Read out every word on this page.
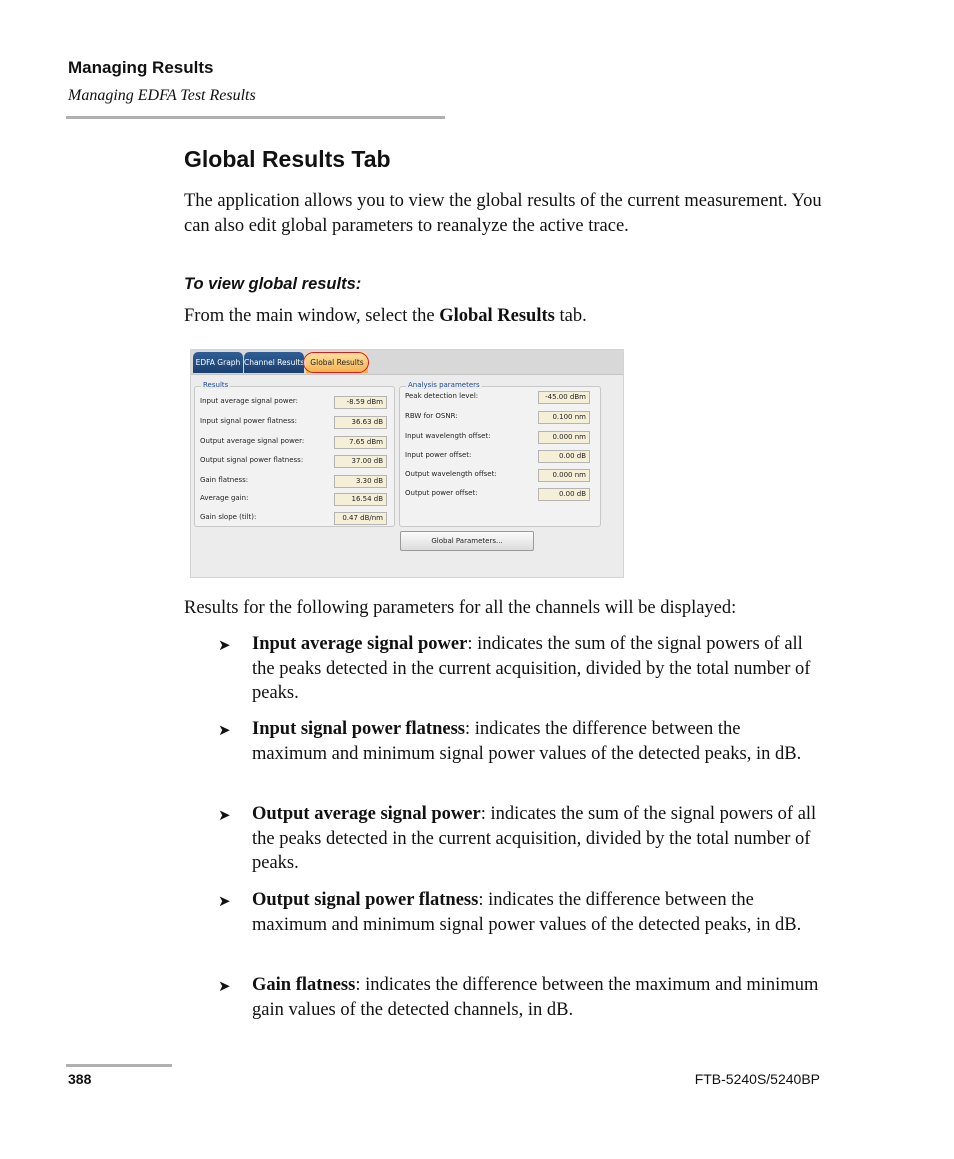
Managing Results
Managing EDFA Test Results
Global Results Tab

The application allows you to view the global results of the current measurement. You can also edit global parameters to reanalyze the active trace.

To view global results:

From the main window, select the Global Results tab.

EDFA Graph Channel Results Global Results
Results
Input average signal power:	-8.59 dBm
Input signal power flatness:	36.63 dB
Output average signal power:	7.65 dBm
Output signal power flatness:	37.00 dB
Gain flatness:	3.30 dB
Average gain:	16.54 dB
Gain slope (tilt):	0.47 dB/nm
Analysis parameters
Peak detection level:	-45.00 dBm
RBW for OSNR:	0.100 nm
Input wavelength offset:	0.000 nm
Input power offset:	0.00 dB
Output wavelength offset:	0.000 nm
Output power offset:	0.00 dB
Global Parameters...

Results for the following parameters for all the channels will be displayed:

➤ Input average signal power: indicates the sum of the signal powers of all the peaks detected in the current acquisition, divided by the total number of peaks.
➤ Input signal power flatness: indicates the difference between the maximum and minimum signal power values of the detected peaks, in dB.
➤ Output average signal power: indicates the sum of the signal powers of all the peaks detected in the current acquisition, divided by the total number of peaks.
➤ Output signal power flatness: indicates the difference between the maximum and minimum signal power values of the detected peaks, in dB.
➤ Gain flatness: indicates the difference between the maximum and minimum gain values of the detected channels, in dB.
388	FTB-5240S/5240BP
